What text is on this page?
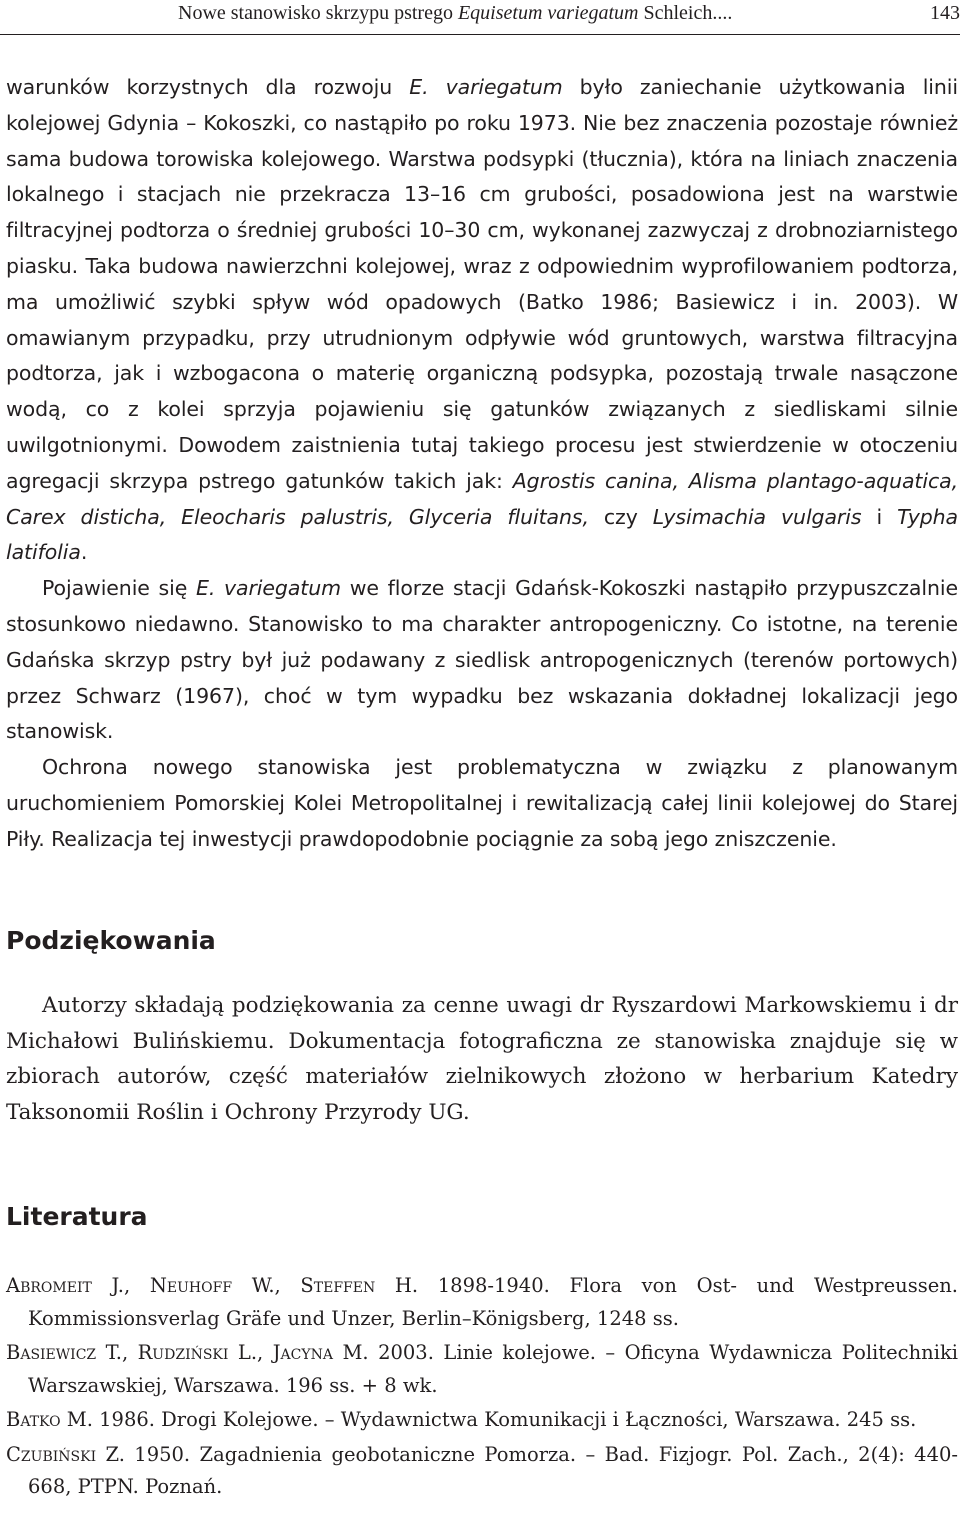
Nowe stanowisko skrzypu pstrego Equisetum variegatum Schleich....	143

warunków korzystnych dla rozwoju E. variegatum było zaniechanie użytkowania linii kolejowej Gdynia – Kokoszki, co nastąpiło po roku 1973. Nie bez znaczenia pozostaje również sama budowa torowiska kolejowego. Warstwa podsypki (tłucznia), która na liniach znaczenia lokalnego i stacjach nie przekracza 13–16 cm grubości, posadowiona jest na warstwie filtracyjnej podtorza o średniej grubości 10–30 cm, wykonanej zazwyczaj z drobnoziarnistego piasku. Taka budowa nawierzchni kolejowej, wraz z odpowiednim wyprofilowaniem podtorza, ma umożliwić szybki spływ wód opadowych (Batko 1986; Basiewicz i in. 2003). W omawianym przypadku, przy utrudnionym odpływie wód gruntowych, warstwa filtracyjna podtorza, jak i wzbogacona o materię organiczną podsypka, pozostają trwale nasączone wodą, co z kolei sprzyja pojawieniu się gatunków związanych z siedliskami silnie uwilgotnionymi. Dowodem zaistnienia tutaj takiego procesu jest stwierdzenie w otoczeniu agregacji skrzypa pstrego gatunków takich jak: Agrostis canina, Alisma plantago-aquatica, Carex disticha, Eleocharis palustris, Glyceria fluitans, czy Lysimachia vulgaris i Typha latifolia.

Pojawienie się E. variegatum we florze stacji Gdańsk-Kokoszki nastąpiło przypuszczalnie stosunkowo niedawno. Stanowisko to ma charakter antropogeniczny. Co istotne, na terenie Gdańska skrzyp pstry był już podawany z siedlisk antropogenicznych (terenów portowych) przez Schwarz (1967), choć w tym wypadku bez wskazania dokładnej lokalizacji jego stanowisk.

Ochrona nowego stanowiska jest problematyczna w związku z planowanym uruchomieniem Pomorskiej Kolei Metropolitalnej i rewitalizacją całej linii kolejowej do Starej Piły. Realizacja tej inwestycji prawdopodobnie pociągnie za sobą jego zniszczenie.

Podziękowania

Autorzy składają podziękowania za cenne uwagi dr Ryszardowi Markowskiemu i dr Michałowi Bulińskiemu. Dokumentacja fotograficzna ze stanowiska znajduje się w zbiorach autorów, część materiałów zielnikowych złożono w herbarium Katedry Taksonomii Roślin i Ochrony Przyrody UG.

Literatura
Abromeit J., Neuhoff W., Steffen H. 1898-1940. Flora von Ost- und Westpreussen. Kommissionsverlag Gräfe und Unzer, Berlin–Königsberg, 1248 ss.
Basiewicz T., Rudziński L., Jacyna M. 2003. Linie kolejowe. – Oficyna Wydawnicza Politechniki Warszawskiej, Warszawa. 196 ss. + 8 wk.
Batko M. 1986. Drogi Kolejowe. – Wydawnictwa Komunikacji i Łączności, Warszawa. 245 ss.
Czubiński Z. 1950. Zagadnienia geobotaniczne Pomorza. – Bad. Fizjogr. Pol. Zach., 2(4): 440-668, PTPN. Poznań.
